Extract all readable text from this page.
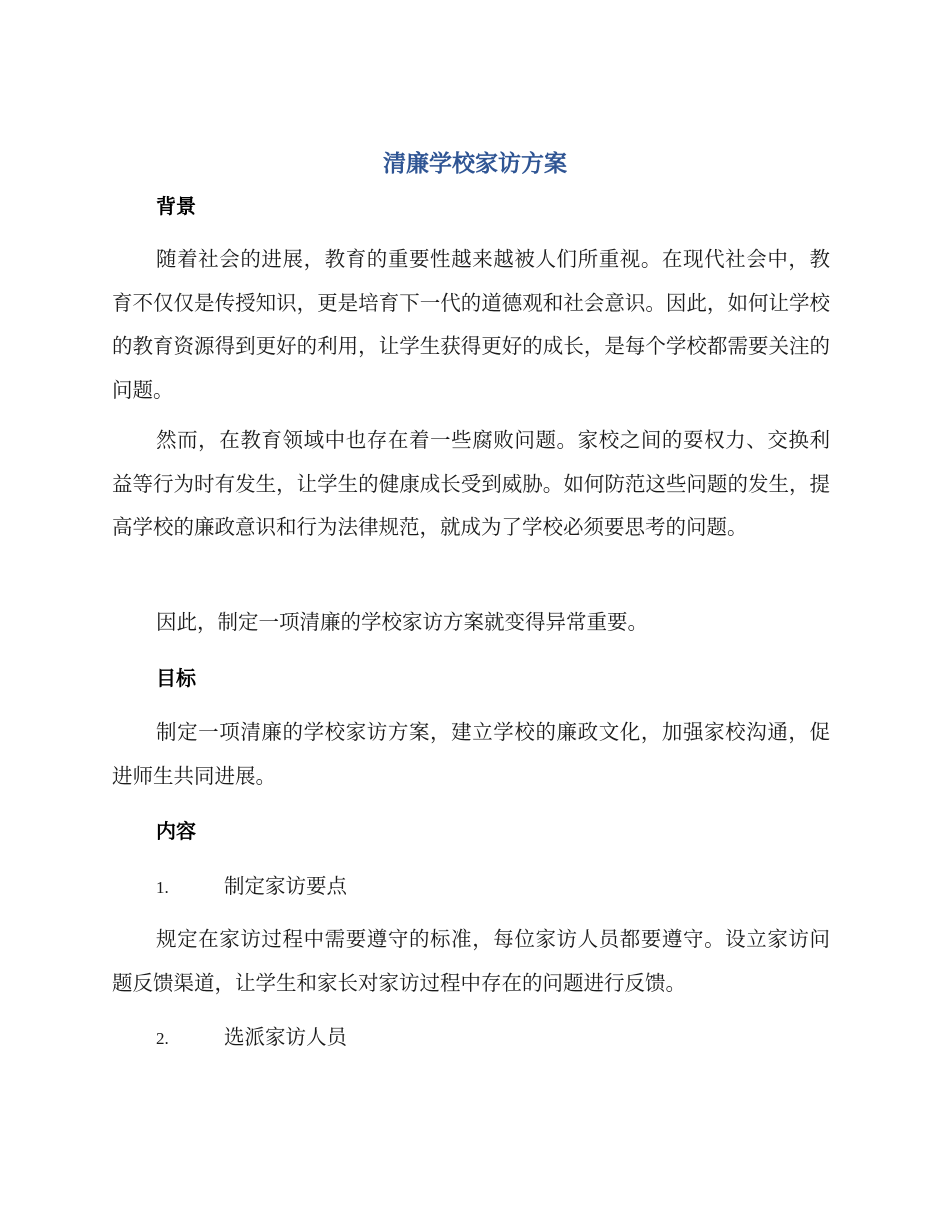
清廉学校家访方案
背景

随着社会的进展，教育的重要性越来越被人们所重视。在现代社会中，教育不仅仅是传授知识，更是培育下一代的道德观和社会意识。因此，如何让学校的教育资源得到更好的利用，让学生获得更好的成长，是每个学校都需要关注的问题。

然而，在教育领域中也存在着一些腐败问题。家校之间的耍权力、交换利益等行为时有发生，让学生的健康成长受到威胁。如何防范这些问题的发生，提高学校的廉政意识和行为法律规范，就成为了学校必须要思考的问题。

因此，制定一项清廉的学校家访方案就变得异常重要。

目标

制定一项清廉的学校家访方案，建立学校的廉政文化，加强家校沟通，促进师生共同进展。

内容
1.	制定家访要点

规定在家访过程中需要遵守的标准，每位家访人员都要遵守。设立家访问题反馈渠道，让学生和家长对家访过程中存在的问题进行反馈。

2.	选派家访人员
